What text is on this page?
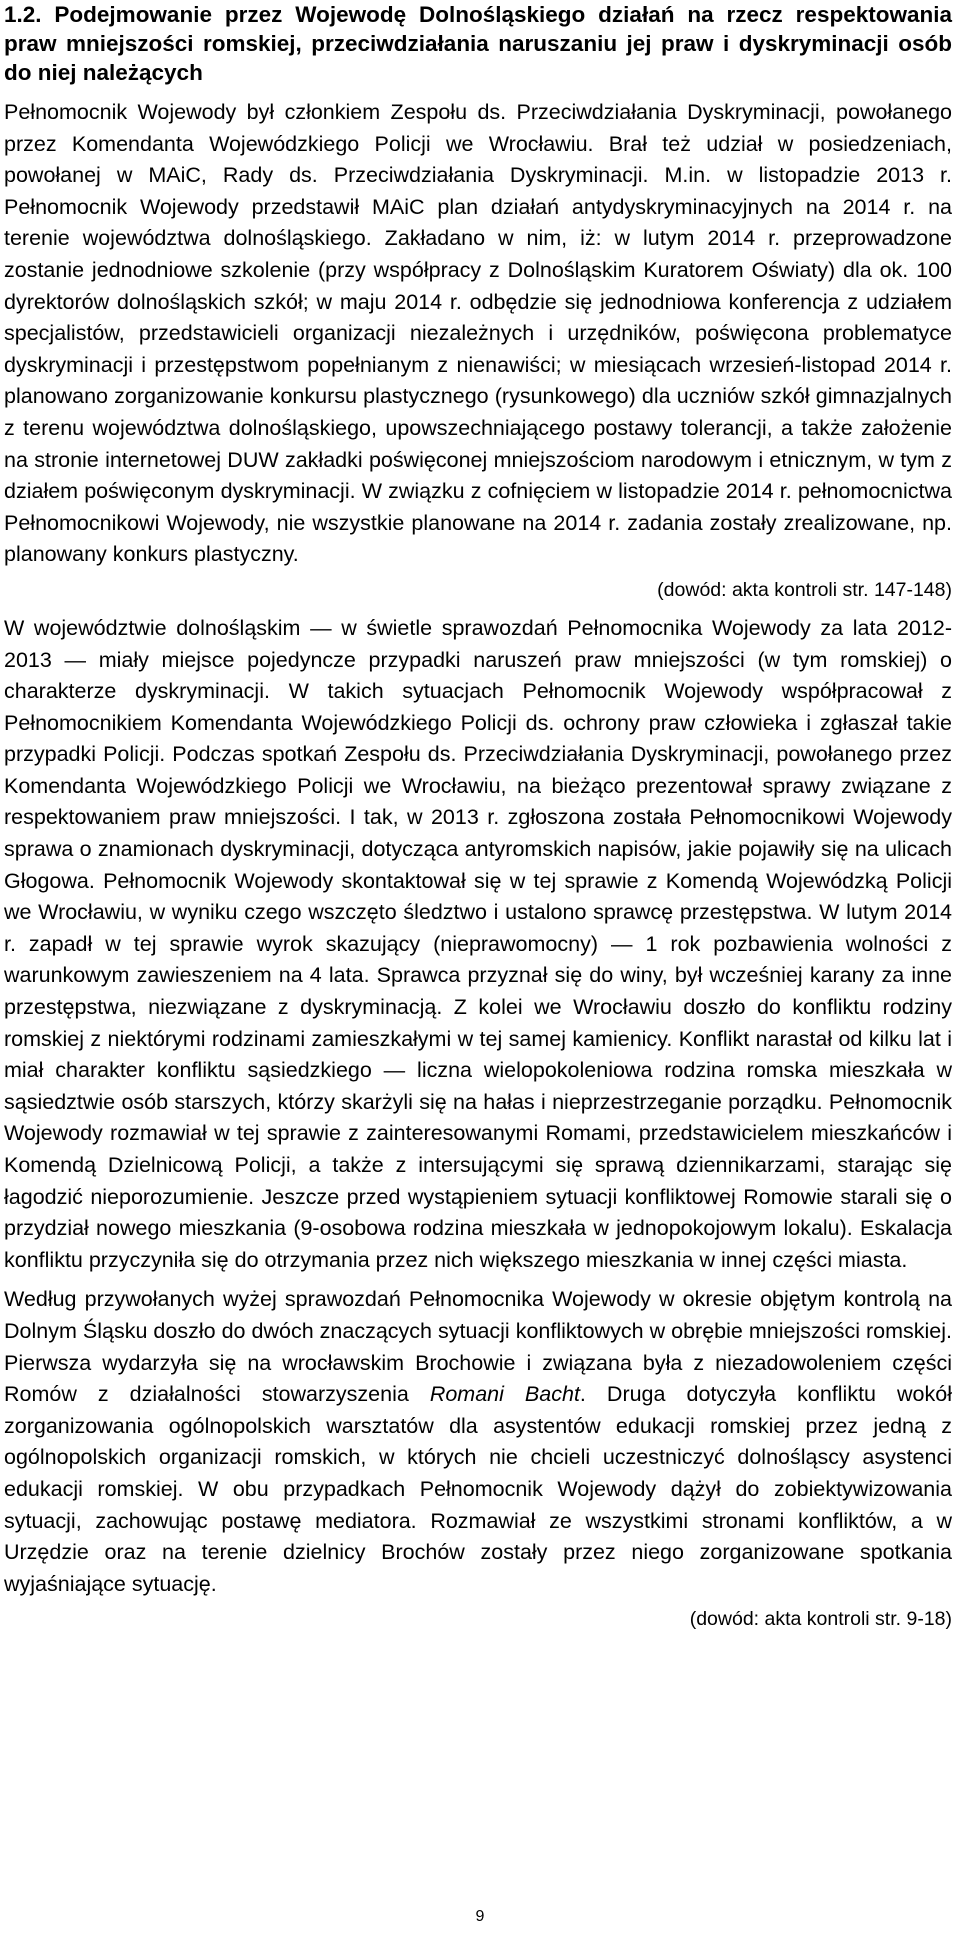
1.2. Podejmowanie przez Wojewodę Dolnośląskiego działań na rzecz respektowania praw mniejszości romskiej, przeciwdziałania naruszaniu jej praw i dyskryminacji osób do niej należących

Pełnomocnik Wojewody był członkiem Zespołu ds. Przeciwdziałania Dyskryminacji, powołanego przez Komendanta Wojewódzkiego Policji we Wrocławiu. Brał też udział w posiedzeniach, powołanej w MAiC, Rady ds. Przeciwdziałania Dyskryminacji. M.in. w listopadzie 2013 r. Pełnomocnik Wojewody przedstawił MAiC plan działań antydyskryminacyjnych na 2014 r. na terenie województwa dolnośląskiego. Zakładano w nim, iż: w lutym 2014 r. przeprowadzone zostanie jednodniowe szkolenie (przy współpracy z Dolnośląskim Kuratorem Oświaty) dla ok. 100 dyrektorów dolnośląskich szkół; w maju 2014 r. odbędzie się jednodniowa konferencja z udziałem specjalistów, przedstawicieli organizacji niezależnych i urzędników, poświęcona problematyce dyskryminacji i przestępstwom popełnianym z nienawiści; w miesiącach wrzesień-listopad 2014 r. planowano zorganizowanie konkursu plastycznego (rysunkowego) dla uczniów szkół gimnazjalnych z terenu województwa dolnośląskiego, upowszechniającego postawy tolerancji, a także założenie na stronie internetowej DUW zakładki poświęconej mniejszościom narodowym i etnicznym, w tym z działem poświęconym dyskryminacji. W związku z cofnięciem w listopadzie 2014 r. pełnomocnictwa Pełnomocnikowi Wojewody, nie wszystkie planowane na 2014 r. zadania zostały zrealizowane, np. planowany konkurs plastyczny.

(dowód: akta kontroli str. 147-148)

W województwie dolnośląskim — w świetle sprawozdań Pełnomocnika Wojewody za lata 2012-2013 — miały miejsce pojedyncze przypadki naruszeń praw mniejszości (w tym romskiej) o charakterze dyskryminacji. W takich sytuacjach Pełnomocnik Wojewody współpracował z Pełnomocnikiem Komendanta Wojewódzkiego Policji ds. ochrony praw człowieka i zgłaszał takie przypadki Policji. Podczas spotkań Zespołu ds. Przeciwdziałania Dyskryminacji, powołanego przez Komendanta Wojewódzkiego Policji we Wrocławiu, na bieżąco prezentował sprawy związane z respektowaniem praw mniejszości. I tak, w 2013 r. zgłoszona została Pełnomocnikowi Wojewody sprawa o znamionach dyskryminacji, dotycząca antyromskich napisów, jakie pojawiły się na ulicach Głogowa. Pełnomocnik Wojewody skontaktował się w tej sprawie z Komendą Wojewódzką Policji we Wrocławiu, w wyniku czego wszczęto śledztwo i ustalono sprawcę przestępstwa. W lutym 2014 r. zapadł w tej sprawie wyrok skazujący (nieprawomocny) — 1 rok pozbawienia wolności z warunkowym zawieszeniem na 4 lata. Sprawca przyznał się do winy, był wcześniej karany za inne przestępstwa, niezwiązane z dyskryminacją. Z kolei we Wrocławiu doszło do konfliktu rodziny romskiej z niektórymi rodzinami zamieszkałymi w tej samej kamienicy. Konflikt narastał od kilku lat i miał charakter konfliktu sąsiedzkiego — liczna wielopokoleniowa rodzina romska mieszkała w sąsiedztwie osób starszych, którzy skarżyli się na hałas i nieprzestrzeganie porządku. Pełnomocnik Wojewody rozmawiał w tej sprawie z zainteresowanymi Romami, przedstawicielem mieszkańców i Komendą Dzielnicową Policji, a także z intersującymi się sprawą dziennikarzami, starając się łagodzić nieporozumienie. Jeszcze przed wystąpieniem sytuacji konfliktowej Romowie starali się o przydział nowego mieszkania (9-osobowa rodzina mieszkała w jednopokojowym lokalu). Eskalacja konfliktu przyczyniła się do otrzymania przez nich większego mieszkania w innej części miasta.

Według przywołanych wyżej sprawozdań Pełnomocnika Wojewody w okresie objętym kontrolą na Dolnym Śląsku doszło do dwóch znaczących sytuacji konfliktowych w obrębie mniejszości romskiej. Pierwsza wydarzyła się na wrocławskim Brochowie i związana była z niezadowoleniem części Romów z działalności stowarzyszenia Romani Bacht. Druga dotyczyła konfliktu wokół zorganizowania ogólnopolskich warsztatów dla asystentów edukacji romskiej przez jedną z ogólnopolskich organizacji romskich, w których nie chcieli uczestniczyć dolnośląscy asystenci edukacji romskiej. W obu przypadkach Pełnomocnik Wojewody dążył do zobiektywizowania sytuacji, zachowując postawę mediatora. Rozmawiał ze wszystkimi stronami konfliktów, a w Urzędzie oraz na terenie dzielnicy Brochów zostały przez niego zorganizowane spotkania wyjaśniające sytuację.

(dowód: akta kontroli str. 9-18)
9
